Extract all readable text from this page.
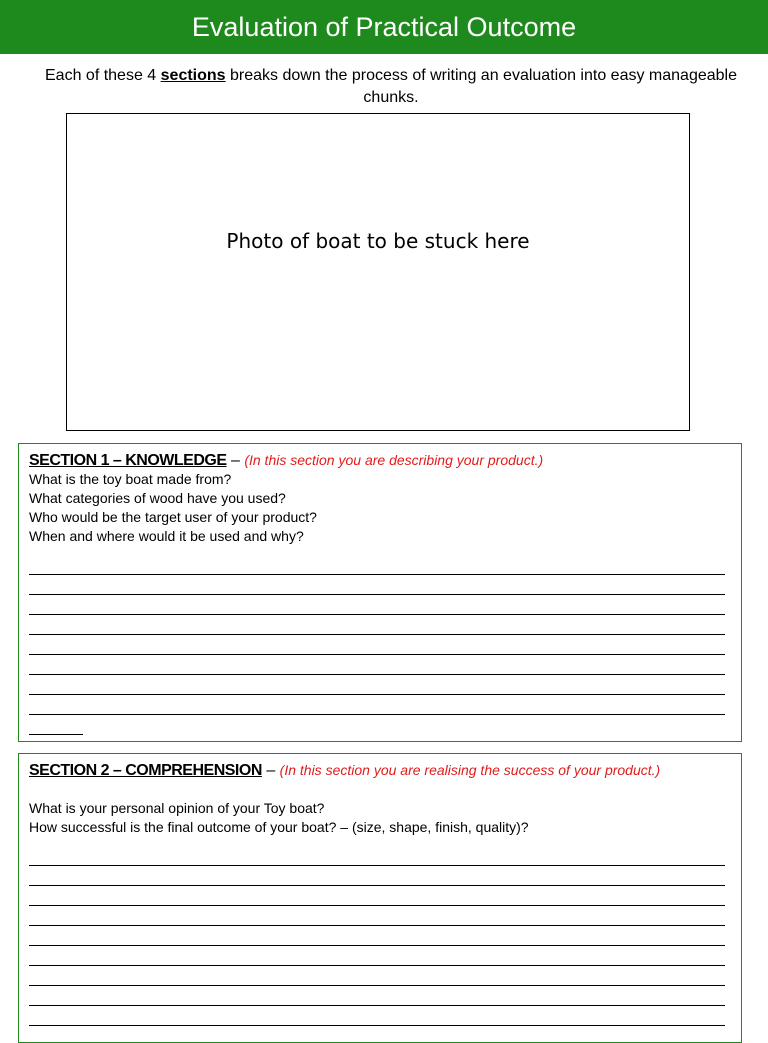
Evaluation of Practical Outcome
Each of these 4 sections breaks down the process of writing an evaluation into easy manageable chunks.
Photo of boat to be stuck here
SECTION 1 – KNOWLEDGE – (In this section you are describing your product.)
What is the toy boat made from?
What categories of wood have you used?
Who would be the target user of your product?
When and where would it be used and why?
SECTION 2 – COMPREHENSION – (In this section you are realising the success of your product.)
What is your personal opinion of your Toy boat?
How successful is the final outcome of your boat? – (size, shape, finish, quality)?
